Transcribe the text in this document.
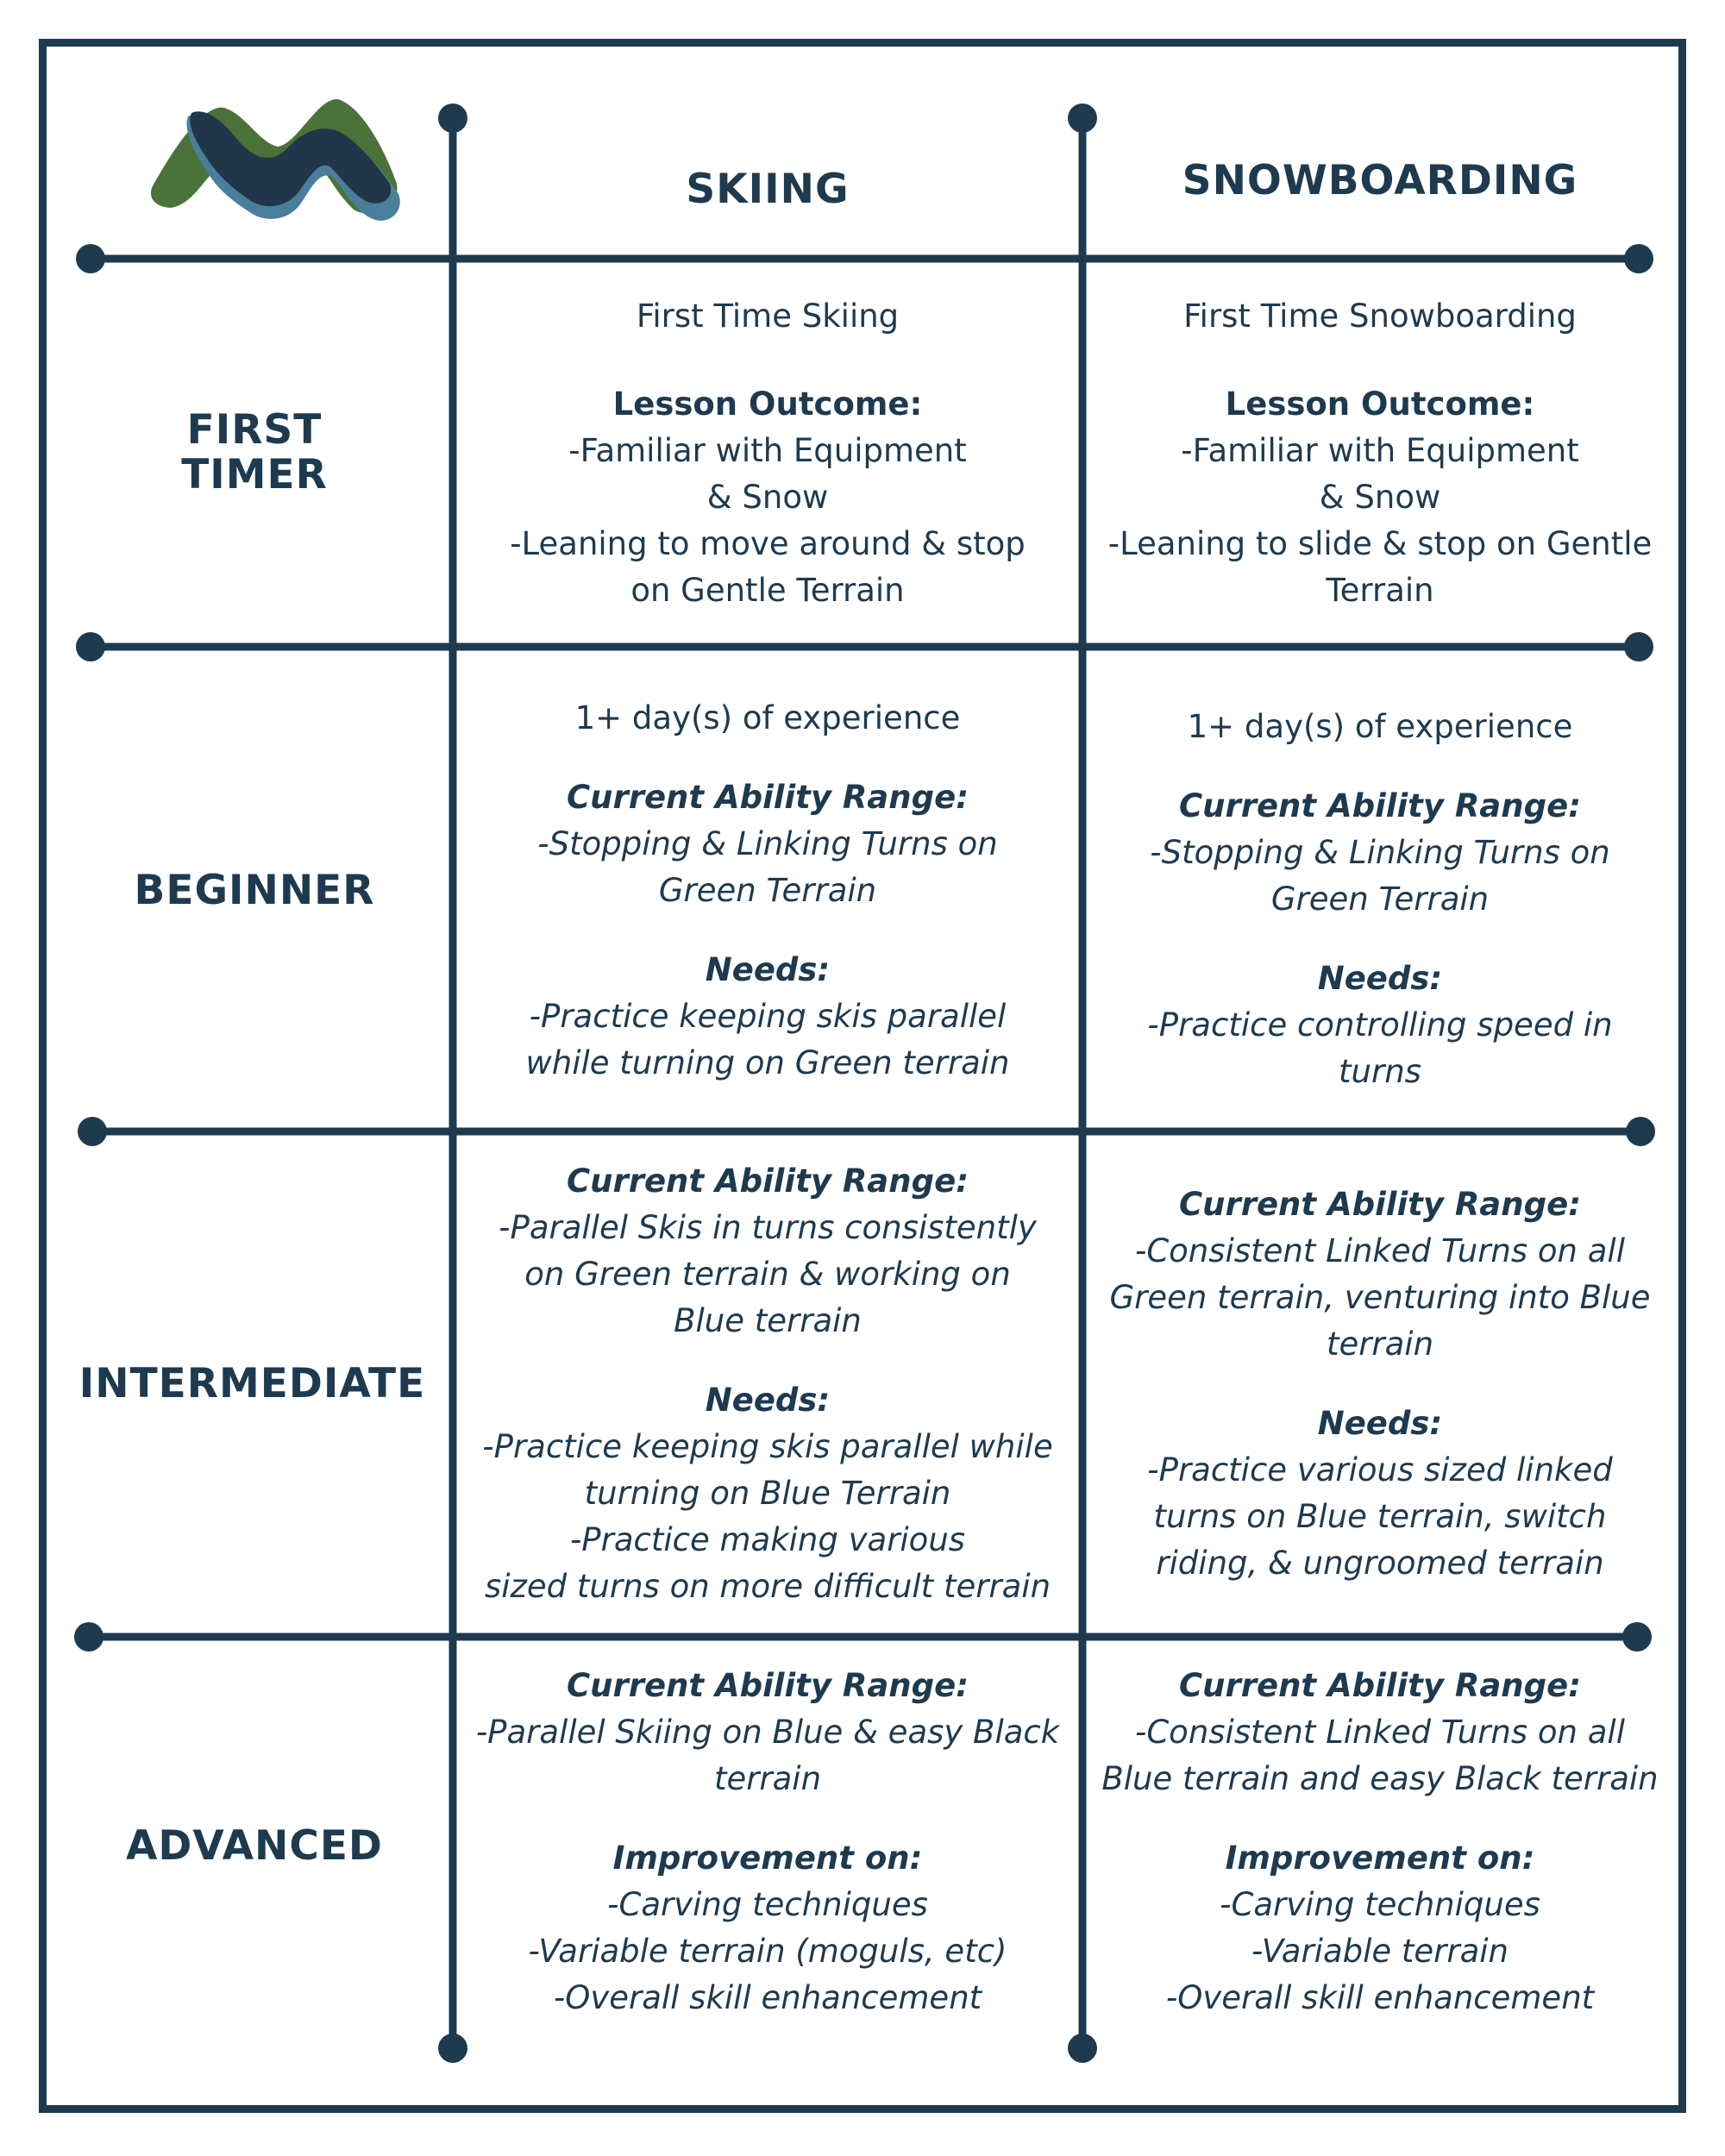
SKIING	SNOWBOARDING
FIRST
TIMER
BEGINNER
INTERMEDIATE
ADVANCED
First Time Skiing
Lesson Outcome:
-Familiar with Equipment
& Snow
-Leaning to move around & stop
on Gentle Terrain
First Time Snowboarding
Lesson Outcome:
-Familiar with Equipment
& Snow
-Leaning to slide & stop on Gentle
Terrain
1+ day(s) of experience
Current Ability Range:
-Stopping & Linking Turns on
Green Terrain
Needs:
-Practice keeping skis parallel
while turning on Green terrain
1+ day(s) of experience
Current Ability Range:
-Stopping & Linking Turns on
Green Terrain
Needs:
-Practice controlling speed in
turns
Current Ability Range:
-Parallel Skis in turns consistently
on Green terrain & working on
Blue terrain
Needs:
-Practice keeping skis parallel while
turning on Blue Terrain
-Practice making various
sized turns on more difficult terrain
Current Ability Range:
-Consistent Linked Turns on all
Green terrain, venturing into Blue
terrain
Needs:
-Practice various sized linked
turns on Blue terrain, switch
riding, & ungroomed terrain
Current Ability Range:
-Parallel Skiing on Blue & easy Black
terrain
Improvement on:
-Carving techniques
-Variable terrain (moguls, etc)
-Overall skill enhancement
Current Ability Range:
-Consistent Linked Turns on all
Blue terrain and easy Black terrain
Improvement on:
-Carving techniques
-Variable terrain
-Overall skill enhancement
